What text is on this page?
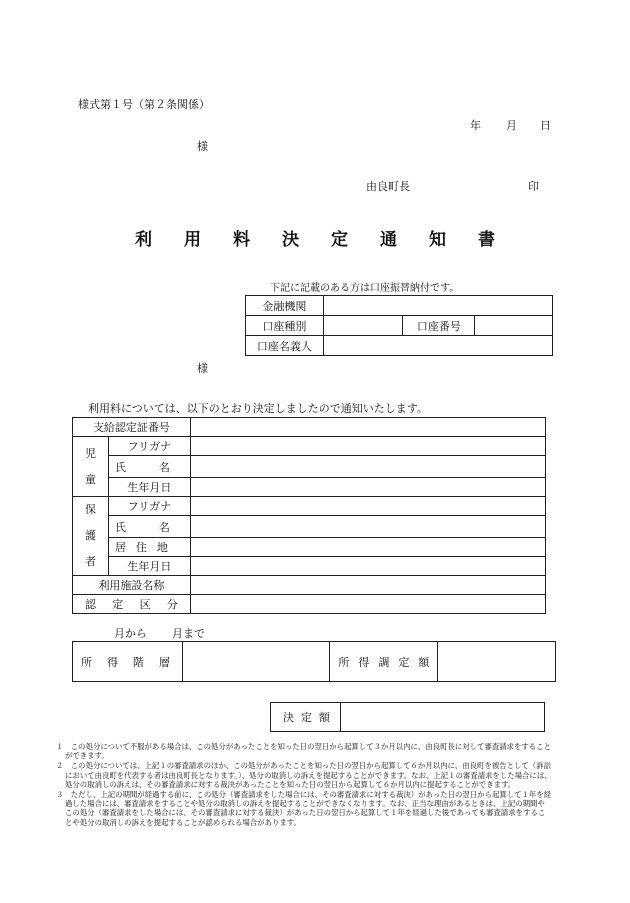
様式第１号（第２条関係）
年 月 日
様
由良町長	印
利 用 料 決 定 通 知 書
下記に記載のある方は口座振替納付です。
金融機関			
口座種別		口座番号	
口座名義人			
様
利用料については、以下のとおり決定しましたので通知いたします。
支給認定証番号		

児
童	フリガナ	

	氏 名	

	生年月日	

保
護
者	フリガナ	

	氏 名	

	居 住 地	

	生年月日	
利用施設名称		

認 定 区 分		

月から 月まで
所 得 階 層		所 得 調 定 額

決 定 額

１　この処分について不服がある場合は、この処分があったことを知った日の翌日から起算して３か月以内に、由良町長に対して審査請求をすることができます。

２　この処分については、上記１の審査請求のほか、この処分があったことを知った日の翌日から起算して６か月以内に、由良町を被告として（訴訟において由良町を代表する者は由良町長となります。）、処分の取消しの訴えを提起することができます。なお、上記１の審査請求をした場合には、処分の取消しの訴えは、その審査請求に対する裁決があったことを知った日の翌日から起算して６か月以内に提起することができます。

３　ただし、上記の期間が経過する前に、この処分（審査請求をした場合には、その審査請求に対する裁決）があった日の翌日から起算して１年を経過した場合には、審査請求をすることや処分の取消しの訴えを提起することができなくなります。なお、正当な理由があるときは、上記の期間やこの処分（審査請求をした場合には、その審査請求に対する裁決）があった日の翌日から起算して１年を経過した後であっても審査請求をすることや処分の取消しの訴えを提起することが認められる場合があります。
